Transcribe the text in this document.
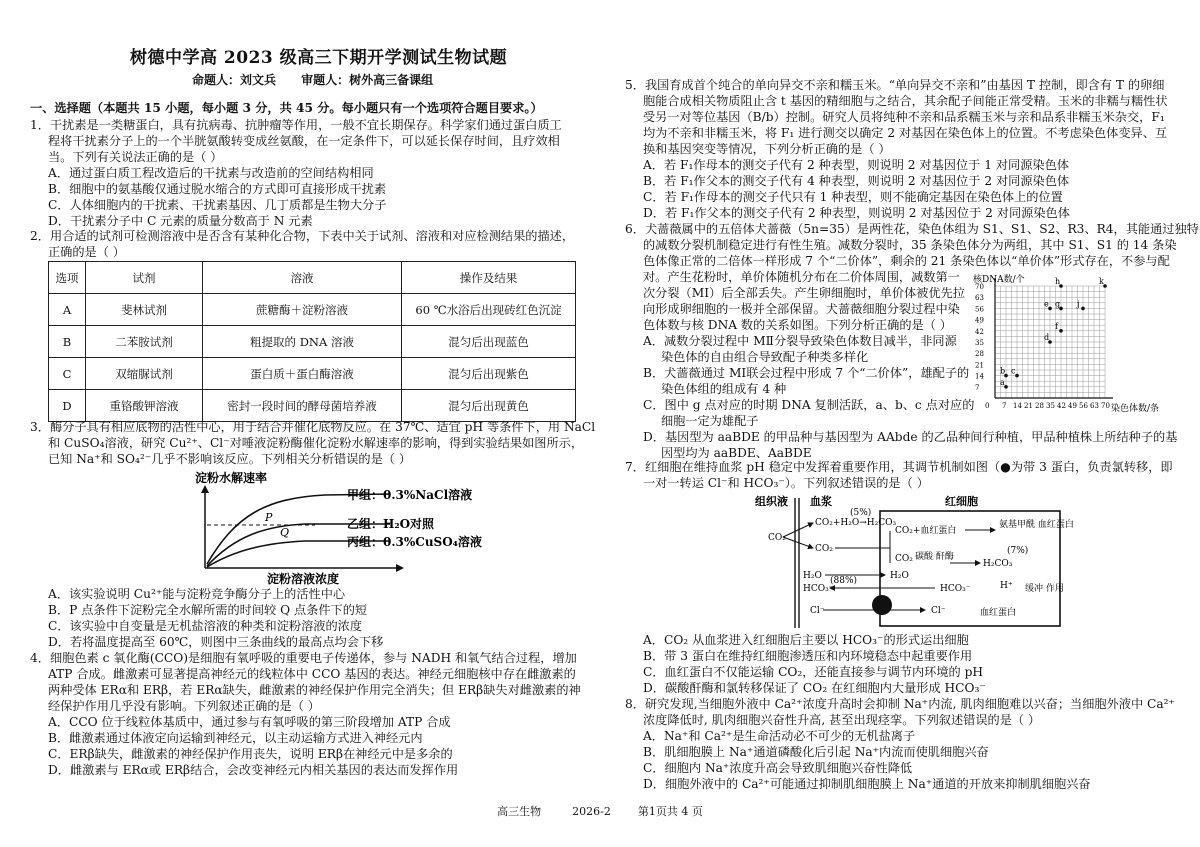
树德中学高 2023 级高三下期开学测试生物试题
命题人：刘文兵      审题人：树外高三备课组
一、选择题（本题共 15 小题，每小题 3 分，共 45 分。每小题只有一个选项符合题目要求。）
1．干扰素是一类糖蛋白，具有抗病毒、抗肿瘤等作用，一般不宜长期保存。科学家们通过蛋白质工
程将干扰素分子上的一个半胱氨酸转变成丝氨酸，在一定条件下，可以延长保存时间，且疗效相
当。下列有关说法正确的是（ ）
A．通过蛋白质工程改造后的干扰素与改造前的空间结构相同
B．细胞中的氨基酸仅通过脱水缩合的方式即可直接形成干扰素
C．人体细胞内的干扰素、干扰素基因、几丁质都是生物大分子
D．干扰素分子中 C 元素的质量分数高于 N 元素
2．用合适的试剂可检测溶液中是否含有某种化合物，下表中关于试剂、溶液和对应检测结果的描述，
正确的是（ ）
选项	试剂	溶液	操作及结果
A	斐林试剂	蔗糖酶＋淀粉溶液	60 ℃水浴后出现砖红色沉淀
B	二苯胺试剂	粗提取的 DNA 溶液	混匀后出现蓝色
C	双缩脲试剂	蛋白质＋蛋白酶溶液	混匀后出现紫色
D	重铬酸钾溶液	密封一段时间的酵母菌培养液	混匀后出现黄色
3．酶分子具有相应底物的活性中心，用于结合并催化底物反应。在 37℃、适宜 pH 等条件下，用 NaCl
和 CuSO₄溶液，研究 Cu²⁺、Cl⁻对唾液淀粉酶催化淀粉水解速率的影响，得到实验结果如图所示，
已知 Na⁺和 SO₄²⁻几乎不影响该反应。下列相关分析错误的是（ ）
淀粉水解速率
P
Q
甲组：0.3%NaCl溶液
乙组：H₂O对照
丙组：0.3%CuSO₄溶液
淀粉溶液浓度
A．该实验说明 Cu²⁺能与淀粉竞争酶分子上的活性中心
B．P 点条件下淀粉完全水解所需的时间较 Q 点条件下的短
C．该实验中自变量是无机盐溶液的种类和淀粉溶液的浓度
D．若将温度提高至 60℃，则图中三条曲线的最高点均会下移
4．细胞色素 c 氧化酶(CCO)是细胞有氧呼吸的重要电子传递体，参与 NADH 和氧气结合过程，增加
ATP 合成。雌激素可显著提高神经元的线粒体中 CCO 基因的表达。神经元细胞核中存在雌激素的
两种受体 ERα和 ERβ，若 ERα缺失，雌激素的神经保护作用完全消失；但 ERβ缺失对雌激素的神
经保护作用几乎没有影响。下列叙述正确的是（ ）
A．CCO 位于线粒体基质中，通过参与有氧呼吸的第三阶段增加 ATP 合成
B．雌激素通过体液定向运输到神经元，以主动运输方式进入神经元内
C．ERβ缺失，雌激素的神经保护作用丧失，说明 ERβ在神经元中是多余的
D．雌激素与 ERα或 ERβ结合，会改变神经元内相关基因的表达而发挥作用
5．我国育成首个纯合的单向异交不亲和糯玉米。“单向异交不亲和”由基因 T 控制，即含有 T 的卵细
胞能合成相关物质阻止含 t 基因的精细胞与之结合，其余配子间能正常受精。玉米的非糯与糯性状
受另一对等位基因（B/b）控制。研究人员将纯种不亲和品系糯玉米与亲和品系非糯玉米杂交，F₁
均为不亲和非糯玉米，将 F₁ 进行测交以确定 2 对基因在染色体上的位置。不考虑染色体变异、互
换和基因突变等情况，下列分析正确的是（ ）
A．若 F₁作母本的测交子代有 2 种表型，则说明 2 对基因位于 1 对同源染色体
B．若 F₁作父本的测交子代有 4 种表型，则说明 2 对基因位于 2 对同源染色体
C．若 F₁作母本的测交子代只有 1 种表型，则不能确定基因在染色体上的位置
D．若 F₁作父本的测交子代有 2 种表型，则说明 2 对基因位于 2 对同源染色体
6．犬蔷薇属中的五倍体犬蔷薇（5n=35）是两性花，染色体组为 S1、S1、S2、R3、R4，其能通过独特
的减数分裂机制稳定进行有性生殖。减数分裂时，35 条染色体分为两组，其中 S1、S1 的 14 条染
色体像正常的二倍体一样形成 7 个“二价体”，剩余的 21 条染色体以“单价体”形式存在，不参与配
对。产生花粉时，单价体随机分布在二价体周围，减数第一
次分裂（MI）后全部丢失。产生卵细胞时，单价体被优先拉
向形成卵细胞的一极并全部保留。犬蔷薇细胞分裂过程中染
色体数与核 DNA 数的关系如图。下列分析正确的是（ ）
A．减数分裂过程中 MⅡ分裂导致染色体数目减半，非同源
染色体的自由组合导致配子种类多样化
B．犬蔷薇通过 MⅠ联会过程中形成 7 个“二价体”，雄配子的
染色体组的组成有 4 种
C．图中 g 点对应的时期 DNA 复制活跃，a、b、c 点对应的
细胞一定为雄配子
D．基因型为 aaBDE 的甲品种与基因型为 AAbde 的乙品种间行种植，甲品种植株上所结种子的基
因型均为 aaBDE、AaBDE
核DNA数/个
染色体数/条
0
7
14
21
28
35
42
49
56
63
70
7 14 21 28 35 42 49 56 63 70
a
b c
d
e
f
g
h
j
k
7．红细胞在维持血浆 pH 稳定中发挥着重要作用，其调节机制如图（●为带 3 蛋白，负责氯转移，即
一对一转运 Cl⁻和 HCO₃⁻）。下列叙述错误的是（ ）
组织液 血浆	红细胞
CO₂
(5%)
CO₂+H₂O→H₂CO₃
CO₂
CO₂+血红蛋白
氨基甲酰 血红蛋白
(7%)
CO₂ 碳酸 酐酶
H₂CO₃
H₂O
HCO₃⁻
(88%)	H₂O
HCO₃⁻	H⁺ 缓冲 作用
血红蛋白
Cl⁻	Cl⁻
A．CO₂ 从血浆进入红细胞后主要以 HCO₃⁻的形式运出细胞
B．带 3 蛋白在维持红细胞渗透压和内环境稳态中起重要作用
C．血红蛋白不仅能运输 CO₂，还能直接参与调节内环境的 pH
D．碳酸酐酶和氯转移保证了 CO₂ 在红细胞内大量形成 HCO₃⁻
8．研究发现,当细胞外液中 Ca²⁺浓度升高时会抑制 Na⁺内流, 肌肉细胞难以兴奋；当细胞外液中 Ca²⁺
浓度降低时, 肌肉细胞兴奋性升高, 甚至出现痉挛。下列叙述错误的是（ ）
A．Na⁺和 Ca²⁺是生命活动必不可少的无机盐离子
B．肌细胞膜上 Na⁺通道磷酸化后引起 Na⁺内流而使肌细胞兴奋
C．细胞内 Na⁺浓度升高会导致肌细胞兴奋性降低
D．细胞外液中的 Ca²⁺可能通过抑制肌细胞膜上 Na⁺通道的开放来抑制肌细胞兴奋
高三生物	2026-2 第1页共 4 页
